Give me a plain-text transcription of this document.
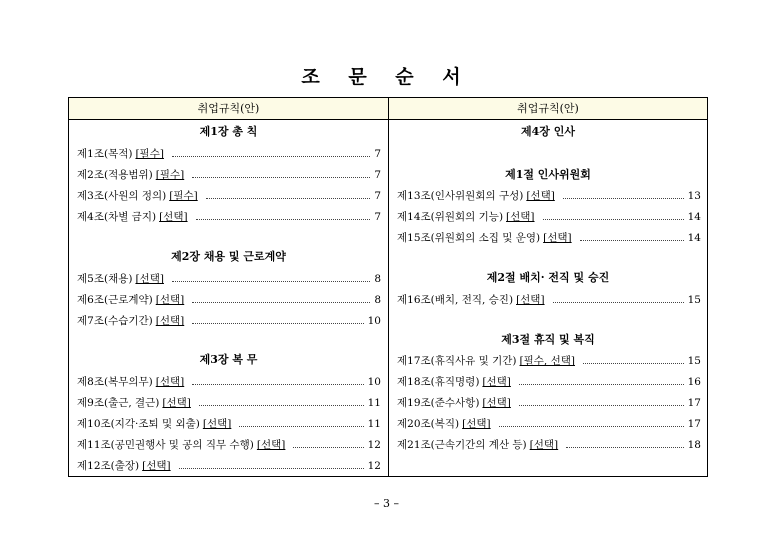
조 문 순 서
취업규칙(안)	취업규칙(안)
제1장 총 칙
제1조(목적) [필수]	7
제2조(적용범위) [필수]	7
제3조(사원의 정의) [필수]	7
제4조(차별 금지) [선택]	7
제2장 채용 및 근로계약
제5조(채용) [선택]	8
제6조(근로계약) [선택]	8
제7조(수습기간) [선택]	10
제3장 복 무
제8조(복무의무) [선택]	10
제9조(출근, 결근) [선택]	11
제10조(지각·조퇴 및 외출) [선택]	11
제11조(공민권행사 및 공의 직무 수행) [선택]	12
제12조(출장) [선택]	12
제4장 인사
제1절 인사위원회
제13조(인사위원회의 구성) [선택]	13
제14조(위원회의 기능) [선택]	14
제15조(위원회의 소집 및 운영) [선택]	14
제2절 배치· 전직 및 승진
제16조(배치, 전직, 승진) [선택]	15
제3절 휴직 및 복직
제17조(휴직사유 및 기간) [필수, 선택]	15
제18조(휴직명령) [선택]	16
제19조(준수사항) [선택]	17
제20조(복직) [선택]	17
제21조(근속기간의 계산 등) [선택]	18
– 3 –
